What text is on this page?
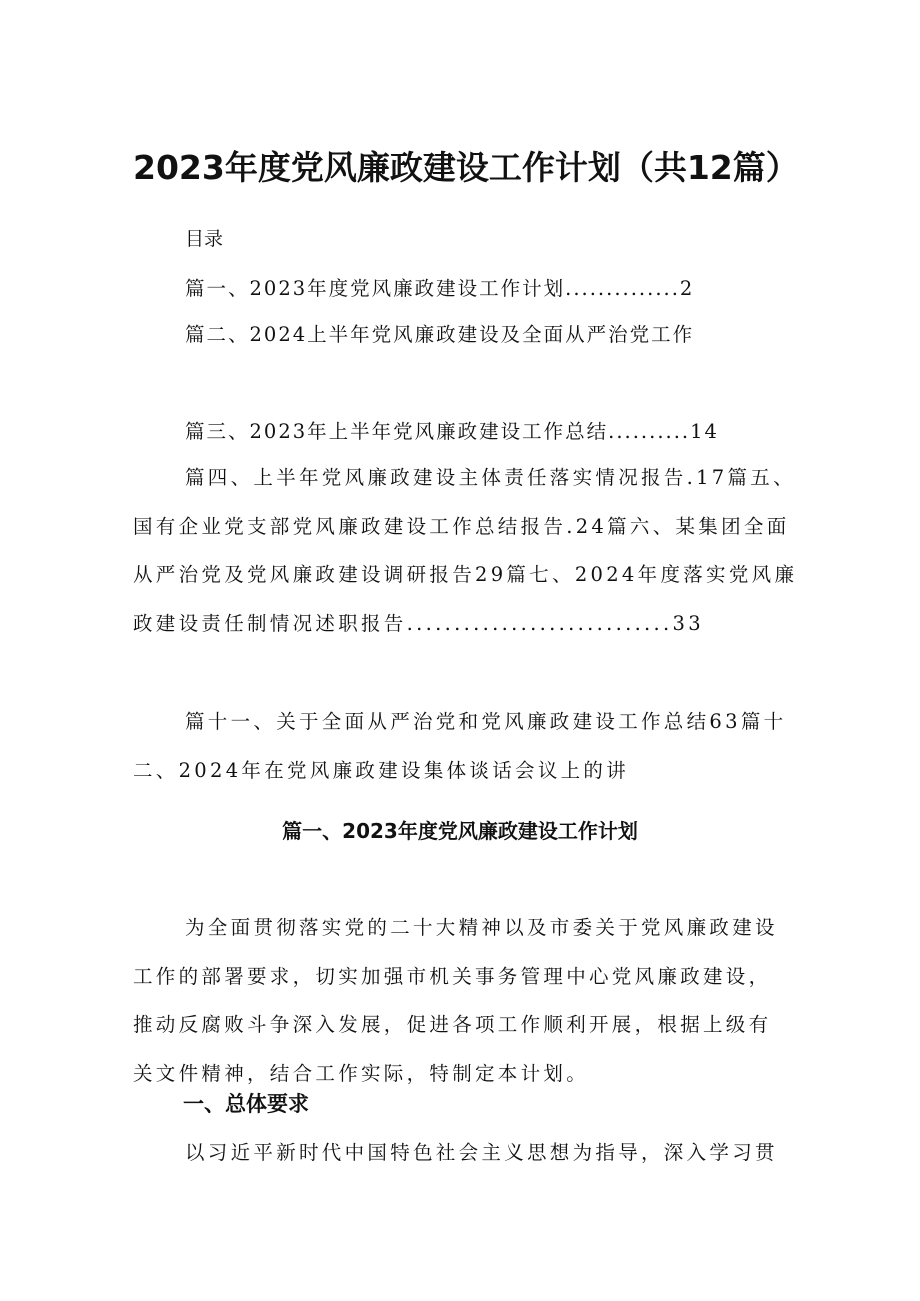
2023年度党风廉政建设工作计划（共12篇）
目录
篇一、2023年度党风廉政建设工作计划..............2
篇二、2024上半年党风廉政建设及全面从严治党工作
篇三、2023年上半年党风廉政建设工作总结..........14
篇四、上半年党风廉政建设主体责任落实情况报告.17篇五、
国有企业党支部党风廉政建设工作总结报告.24篇六、某集团全面
从严治党及党风廉政建设调研报告29篇七、2024年度落实党风廉
政建设责任制情况述职报告............................33
篇十一、关于全面从严治党和党风廉政建设工作总结63篇十
二、2024年在党风廉政建设集体谈话会议上的讲
篇一、2023年度党风廉政建设工作计划
为全面贯彻落实党的二十大精神以及市委关于党风廉政建设
工作的部署要求，切实加强市机关事务管理中心党风廉政建设，
推动反腐败斗争深入发展，促进各项工作顺利开展，根据上级有
关文件精神，结合工作实际，特制定本计划。
一、总体要求
以习近平新时代中国特色社会主义思想为指导，深入学习贯
